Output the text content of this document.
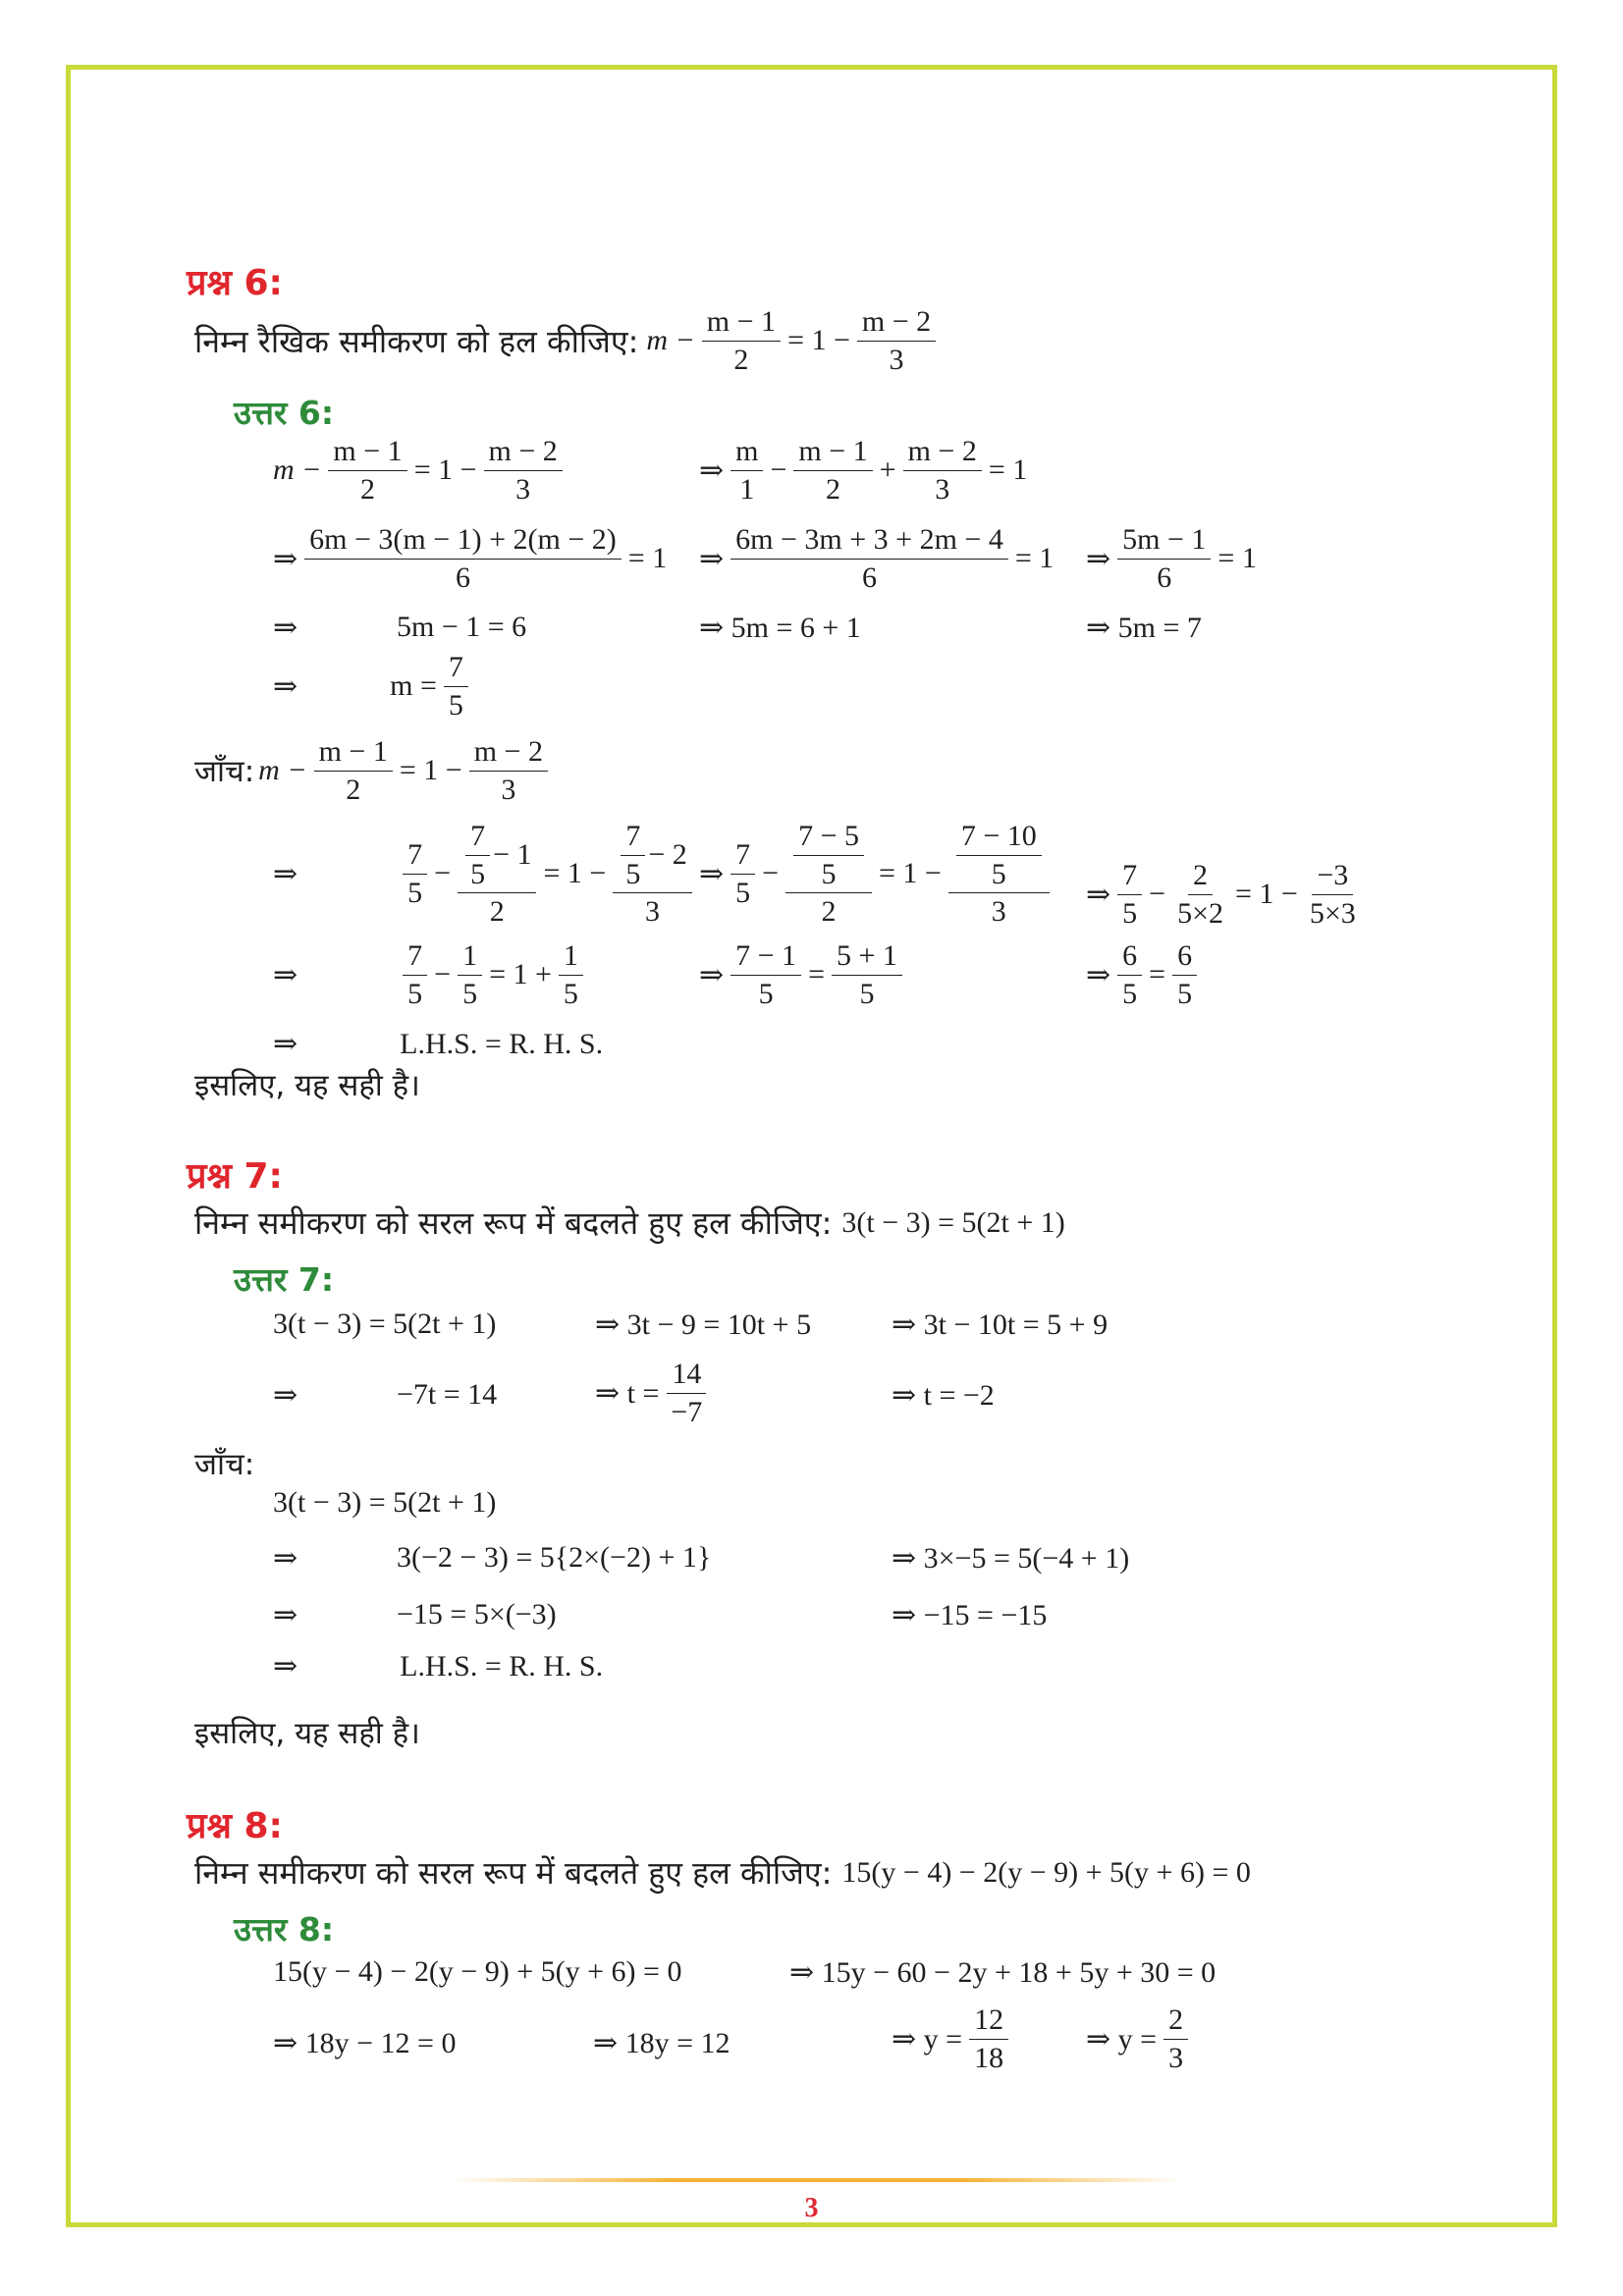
प्रश्न 6:
निम्न रैखिक समीकरण को हल कीजिए: $m - \frac{m - 1}{2} = 1 - \frac{m - 2}{3}$
उत्तर 6:
$m - \frac{m - 1}{2} = 1 - \frac{m - 2}{3}$	⇒ $\frac{m}{1} - \frac{m - 1}{2} + \frac{m - 2}{3} = 1$
⇒ $\frac{6m - 3(m - 1) + 2(m - 2)}{6} = 1$ ⇒ $\frac{6m - 3m + 3 + 2m - 4}{6} = 1$ ⇒ $\frac{5m - 1}{6} = 1$
⇒	5m − 1 = 6	⇒ 5m = 6 + 1	⇒ 5m = 7
⇒	$m = \frac{7}{5}$
जाँच: $m - \frac{m - 1}{2} = 1 - \frac{m - 2}{3}$
⇒	$\frac{7}{5} - \frac{\frac{7}{5} - 1}{2} = 1 - \frac{\frac{7}{5} - 2}{3}$ ⇒ $\frac{7}{5} - \frac{\frac{7 - 5}{5}}{2} = 1 - \frac{\frac{7 - 10}{5}}{3}$ ⇒ $\frac{7}{5} - \frac{2}{5\times 2} = 1 - \frac{-3}{5\times 3}$
⇒	$\frac{7}{5} - \frac{1}{5} = 1 + \frac{1}{5}$	⇒ $\frac{7 - 1}{5} = \frac{5 + 1}{5}$	⇒ $\frac{6}{5} = \frac{6}{5}$
⇒	L.H.S. = R. H. S.
इसलिए, यह सही है।
प्रश्न 7:
निम्न समीकरण को सरल रूप में बदलते हुए हल कीजिए: 3(t − 3) = 5(2t + 1)
उत्तर 7:
3(t − 3) = 5(2t + 1)	⇒ 3t − 9 = 10t + 5	⇒ 3t − 10t = 5 + 9
⇒	−7t = 14	⇒ $t = \frac{14}{-7}$	⇒ t = −2
जाँच:
3(t − 3) = 5(2t + 1)
⇒	3(−2 − 3) = 5{2×(−2) + 1}	⇒ 3×−5 = 5(−4 + 1)
⇒	−15 = 5×(−3)	⇒ −15 = −15
⇒	L.H.S. = R. H. S.
इसलिए, यह सही है।
प्रश्न 8:
निम्न समीकरण को सरल रूप में बदलते हुए हल कीजिए: 15(y − 4) − 2(y − 9) + 5(y + 6) = 0
उत्तर 8:
15(y − 4) − 2(y − 9) + 5(y + 6) = 0	⇒ 15y − 60 − 2y + 18 + 5y + 30 = 0
⇒ 18y − 12 = 0	⇒ 18y = 12	⇒ $y = \frac{12}{18}$	⇒ $y = \frac{2}{3}$
3
